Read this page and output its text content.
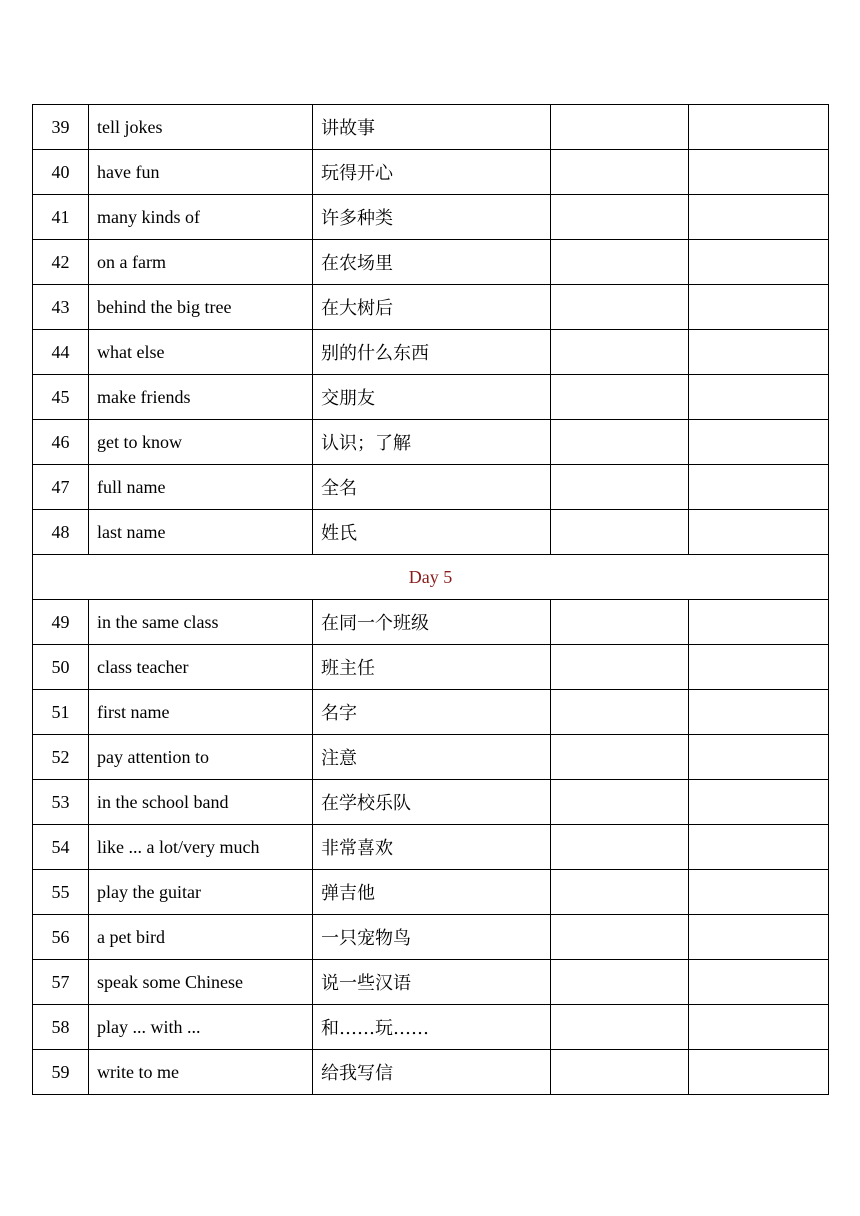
39	tell jokes	讲故事		
40	have fun	玩得开心		
41	many kinds of	许多种类		
42	on a farm	在农场里		
43	behind the big tree	在大树后		
44	what else	别的什么东西		
45	make friends	交朋友		
46	get to know	认识；了解		
47	full name	全名		
48	last name	姓氏		
Day 5				
49	in the same class	在同一个班级		
50	class teacher	班主任		
51	first name	名字		
52	pay attention to	注意		
53	in the school band	在学校乐队		
54	like ... a lot/very much	非常喜欢		
55	play the guitar	弹吉他		
56	a pet bird	一只宠物鸟		
57	speak some Chinese	说一些汉语		
58	play ... with ...	和……玩……		
59	write to me	给我写信		
